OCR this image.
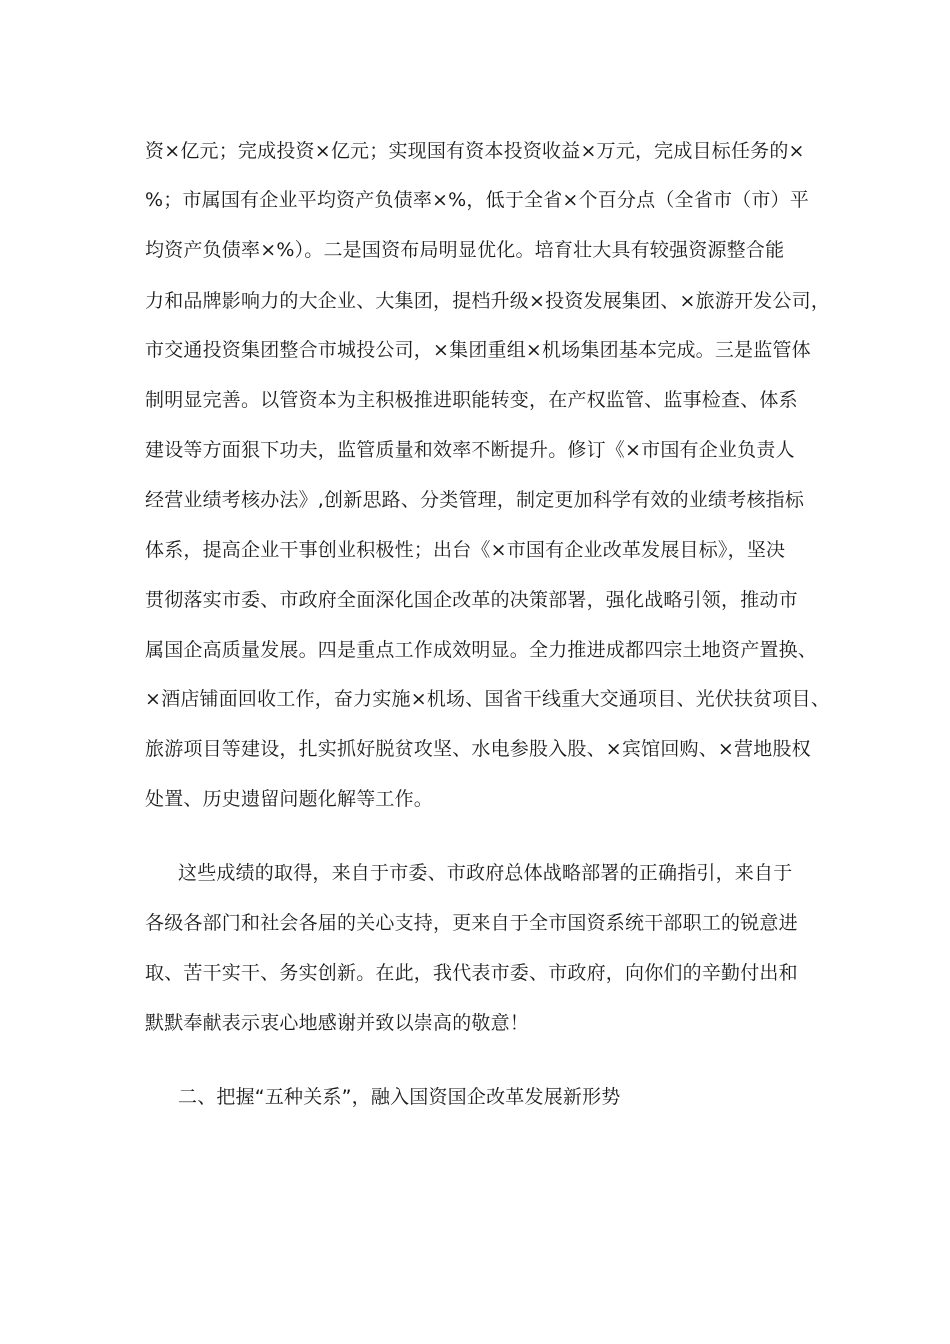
资×亿元；完成投资×亿元；实现国有资本投资收益×万元，完成目标任务的×
%；市属国有企业平均资产负债率×%，低于全省×个百分点（全省市（市）平
均资产负债率×%）。二是国资布局明显优化。培育壮大具有较强资源整合能
力和品牌影响力的大企业、大集团，提档升级×投资发展集团、×旅游开发公司，
市交通投资集团整合市城投公司，×集团重组×机场集团基本完成。三是监管体
制明显完善。以管资本为主积极推进职能转变，在产权监管、监事检查、体系
建设等方面狠下功夫，监管质量和效率不断提升。修订《×市国有企业负责人
经营业绩考核办法》,创新思路、分类管理，制定更加科学有效的业绩考核指标
体系，提高企业干事创业积极性；出台《×市国有企业改革发展目标》，坚决
贯彻落实市委、市政府全面深化国企改革的决策部署，强化战略引领，推动市
属国企高质量发展。四是重点工作成效明显。全力推进成都四宗土地资产置换、
×酒店铺面回收工作，奋力实施×机场、国省干线重大交通项目、光伏扶贫项目、
旅游项目等建设，扎实抓好脱贫攻坚、水电参股入股、×宾馆回购、×营地股权
处置、历史遗留问题化解等工作。
这些成绩的取得，来自于市委、市政府总体战略部署的正确指引，来自于
各级各部门和社会各届的关心支持，更来自于全市国资系统干部职工的锐意进
取、苦干实干、务实创新。在此，我代表市委、市政府，向你们的辛勤付出和
默默奉献表示衷心地感谢并致以崇高的敬意！
二、把握“五种关系”，融入国资国企改革发展新形势
